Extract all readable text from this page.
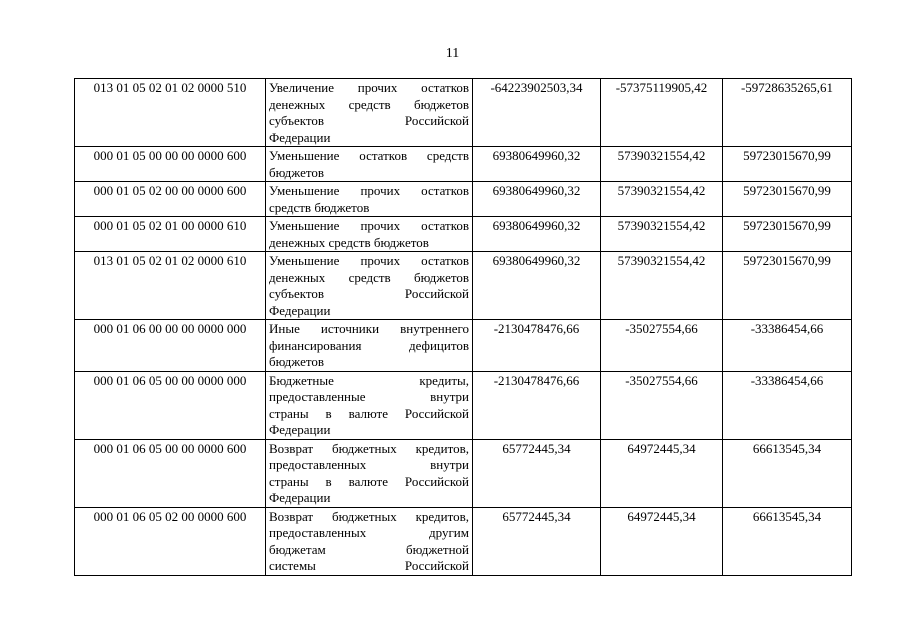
11
013 01 05 02 01 02 0000 510	Увеличение прочих остатков
денежных средств бюджетов
субъектов Российской
Федерации	-64223902503,34	-57375119905,42	-59728635265,61
000 01 05 00 00 00 0000 600	Уменьшение остатков средств
бюджетов	69380649960,32	57390321554,42	59723015670,99
000 01 05 02 00 00 0000 600	Уменьшение прочих остатков
средств бюджетов	69380649960,32	57390321554,42	59723015670,99
000 01 05 02 01 00 0000 610	Уменьшение прочих остатков
денежных средств бюджетов	69380649960,32	57390321554,42	59723015670,99
013 01 05 02 01 02 0000 610	Уменьшение прочих остатков
денежных средств бюджетов
субъектов Российской
Федерации	69380649960,32	57390321554,42	59723015670,99
000 01 06 00 00 00 0000 000	Иные источники внутреннего
финансирования дефицитов
бюджетов	-2130478476,66	-35027554,66	-33386454,66
000 01 06 05 00 00 0000 000	Бюджетные кредиты,
предоставленные внутри
страны в валюте Российской
Федерации	-2130478476,66	-35027554,66	-33386454,66
000 01 06 05 00 00 0000 600	Возврат бюджетных кредитов,
предоставленных внутри
страны в валюте Российской
Федерации	65772445,34	64972445,34	66613545,34
000 01 06 05 02 00 0000 600	Возврат бюджетных кредитов,
предоставленных другим
бюджетам бюджетной
системы Российской	65772445,34	64972445,34	66613545,34
